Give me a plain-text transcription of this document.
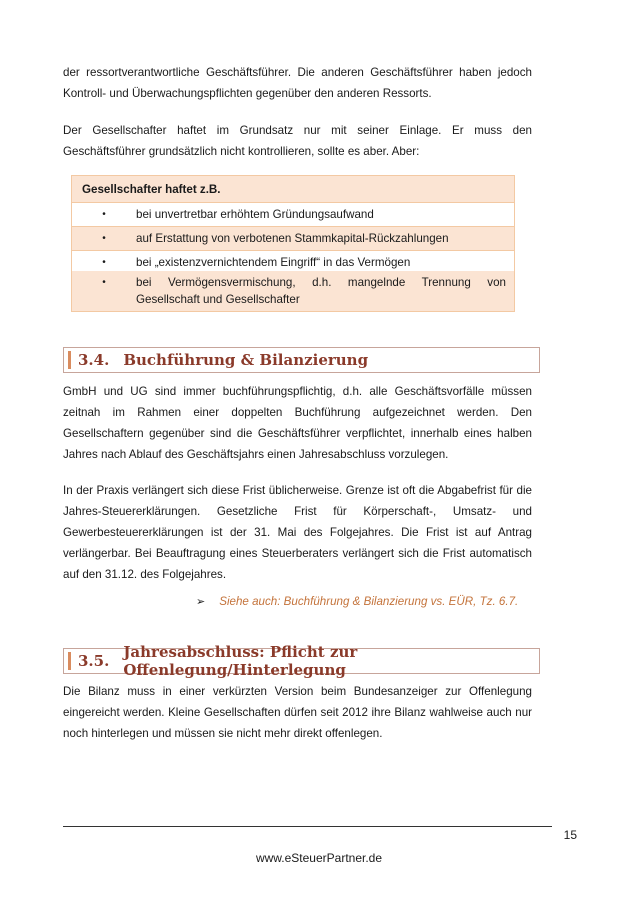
der ressortverantwortliche Geschäftsführer. Die anderen Geschäftsführer haben jedoch Kontroll- und Überwachungspflichten gegenüber den anderen Ressorts.

Der Gesellschafter haftet im Grundsatz nur mit seiner Einlage. Er muss den Geschäftsführer grundsätzlich nicht kontrollieren, sollte es aber. Aber:

Gesellschafter haftet z.B.
•	bei unvertretbar erhöhtem Gründungsaufwand
•	auf Erstattung von verbotenen Stammkapital-Rückzahlungen
•	bei „existenzvernichtendem Eingriff“ in das Vermögen
•	bei Vermögensvermischung, d.h. mangelnde Trennung von Gesellschaft und Gesellschafter
3.4. Buchführung & Bilanzierung

GmbH und UG sind immer buchführungspflichtig, d.h. alle Geschäftsvorfälle müssen zeitnah im Rahmen einer doppelten Buchführung aufgezeichnet werden. Den Gesellschaftern gegenüber sind die Geschäftsführer verpflichtet, innerhalb eines halben Jahres nach Ablauf des Geschäftsjahrs einen Jahresabschluss vorzulegen.

In der Praxis verlängert sich diese Frist üblicherweise. Grenze ist oft die Abgabefrist für die Jahres-Steuererklärungen. Gesetzliche Frist für Körperschaft-, Umsatz- und Gewerbesteuererklärungen ist der 31. Mai des Folgejahres. Die Frist ist auf Antrag verlängerbar. Bei Beauftragung eines Steuerberaters verlängert sich die Frist automatisch auf den 31.12. des Folgejahres.

➢ Siehe auch: Buchführung & Bilanzierung vs. EÜR, Tz. 6.7.
3.5. Jahresabschluss: Pflicht zur Offenlegung/Hinterlegung

Die Bilanz muss in einer verkürzten Version beim Bundesanzeiger zur Offenlegung eingereicht werden. Kleine Gesellschaften dürfen seit 2012 ihre Bilanz wahlweise auch nur noch hinterlegen und müssen sie nicht mehr direkt offenlegen.

15
www.eSteuerPartner.de
